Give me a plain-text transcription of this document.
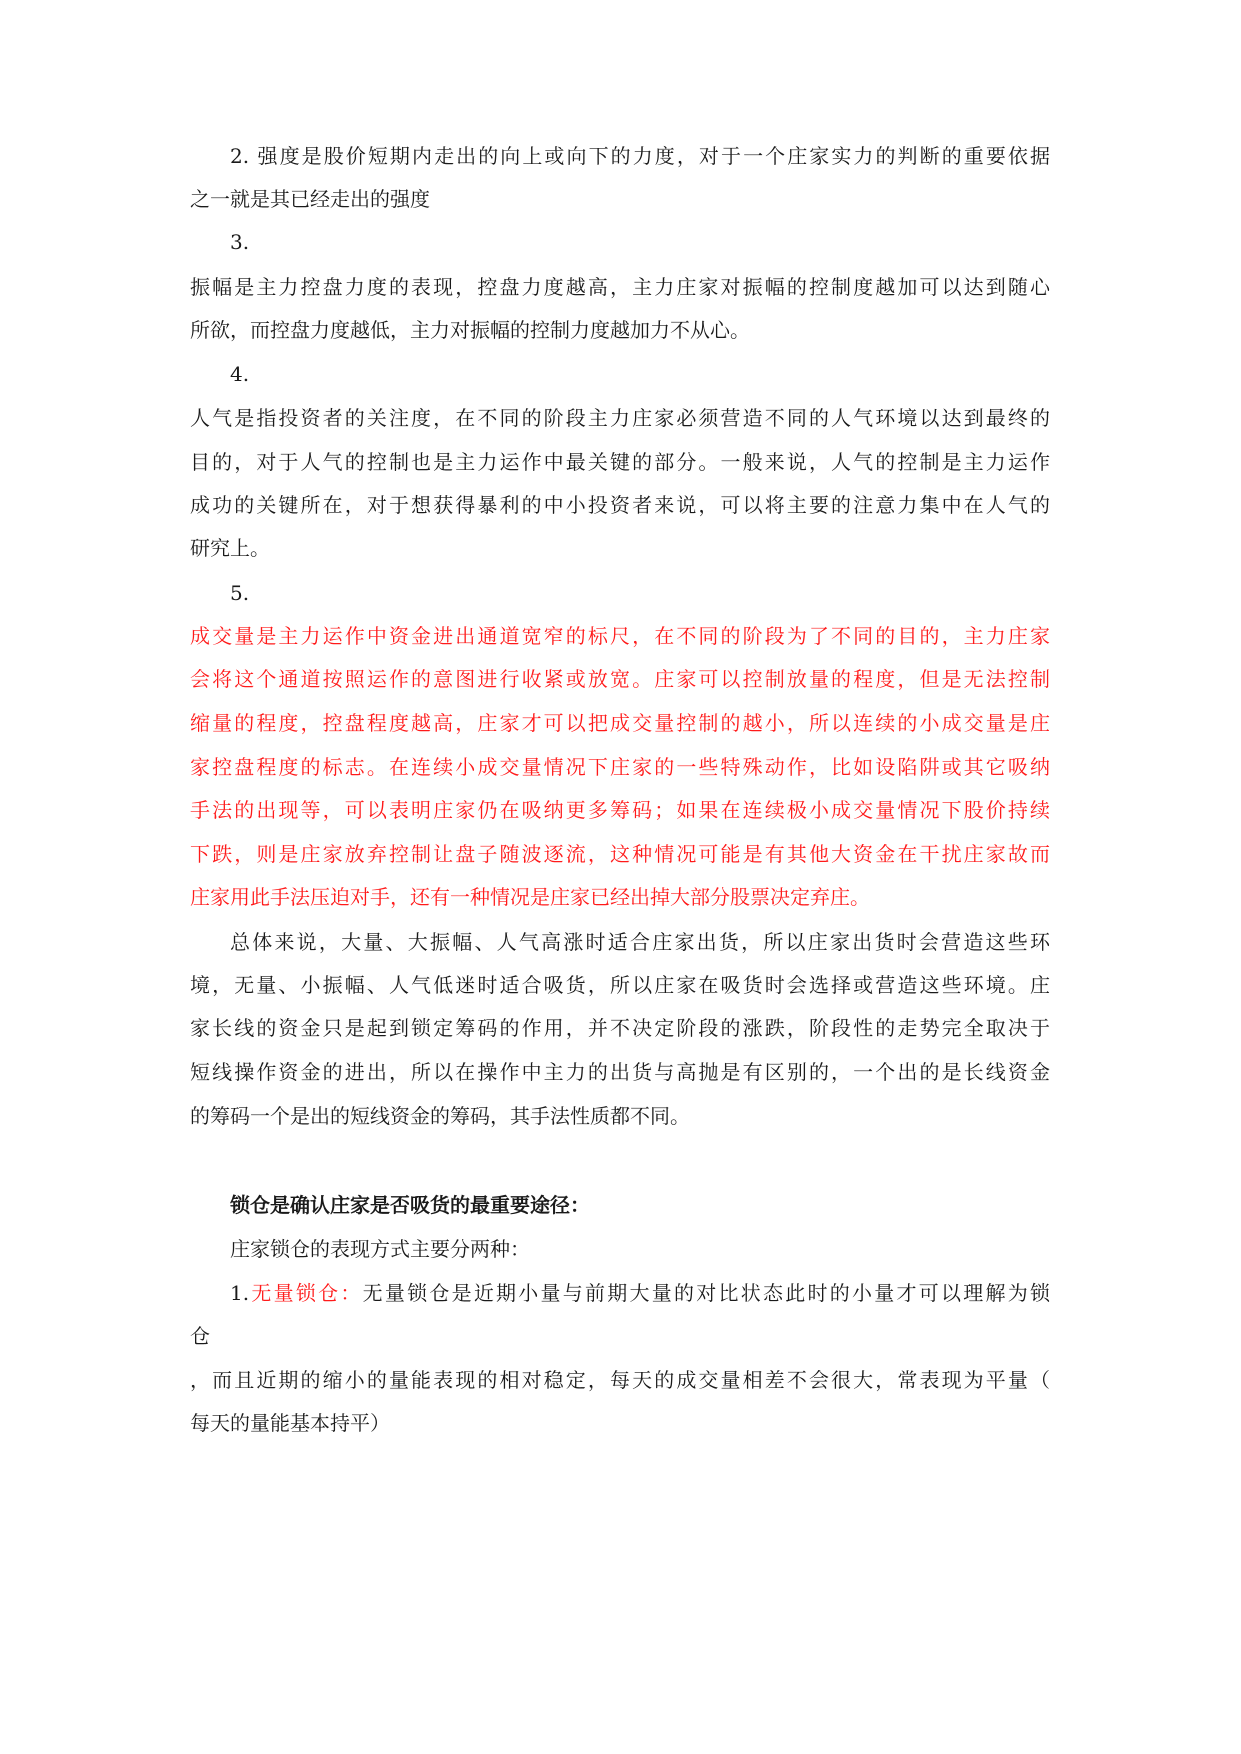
2. 强度是股价短期内走出的向上或向下的力度，对于一个庄家实力的判断的重要依据
之一就是其已经走出的强度
3.
振幅是主力控盘力度的表现，控盘力度越高，主力庄家对振幅的控制度越加可以达到随心
所欲，而控盘力度越低，主力对振幅的控制力度越加力不从心。
4.
人气是指投资者的关注度，在不同的阶段主力庄家必须营造不同的人气环境以达到最终的
目的，对于人气的控制也是主力运作中最关键的部分。一般来说，人气的控制是主力运作
成功的关键所在，对于想获得暴利的中小投资者来说，可以将主要的注意力集中在人气的
研究上。
5.
成交量是主力运作中资金进出通道宽窄的标尺，在不同的阶段为了不同的目的，主力庄家
会将这个通道按照运作的意图进行收紧或放宽。庄家可以控制放量的程度，但是无法控制
缩量的程度，控盘程度越高，庄家才可以把成交量控制的越小，所以连续的小成交量是庄
家控盘程度的标志。在连续小成交量情况下庄家的一些特殊动作，比如设陷阱或其它吸纳
手法的出现等，可以表明庄家仍在吸纳更多筹码；如果在连续极小成交量情况下股价持续
下跌，则是庄家放弃控制让盘子随波逐流，这种情况可能是有其他大资金在干扰庄家故而
庄家用此手法压迫对手，还有一种情况是庄家已经出掉大部分股票决定弃庄。
总体来说，大量、大振幅、人气高涨时适合庄家出货，所以庄家出货时会营造这些环
境，无量、小振幅、人气低迷时适合吸货，所以庄家在吸货时会选择或营造这些环境。庄
家长线的资金只是起到锁定筹码的作用，并不决定阶段的涨跌，阶段性的走势完全取决于
短线操作资金的进出，所以在操作中主力的出货与高抛是有区别的，一个出的是长线资金
的筹码一个是出的短线资金的筹码，其手法性质都不同。
锁仓是确认庄家是否吸货的最重要途径：
庄家锁仓的表现方式主要分两种：
1.无量锁仓：无量锁仓是近期小量与前期大量的对比状态此时的小量才可以理解为锁
仓
，而且近期的缩小的量能表现的相对稳定，每天的成交量相差不会很大，常表现为平量（
每天的量能基本持平）
